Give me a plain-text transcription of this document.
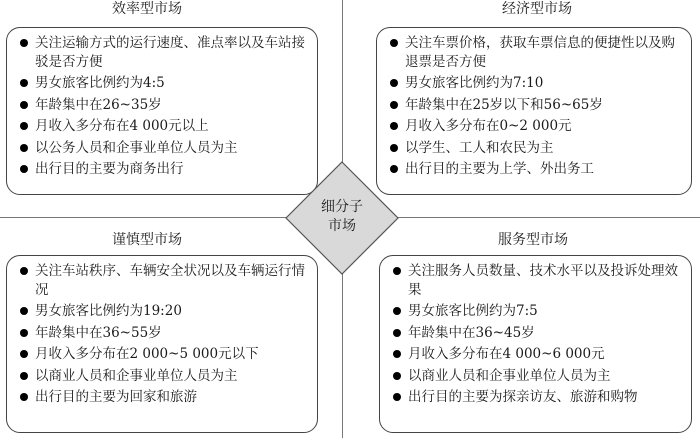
效率型市场
关注运输方式的运行速度、准点率以及车站接驳是否方便
男女旅客比例约为4:5
年龄集中在26~35岁
月收入多分布在4 000元以上
以公务人员和企事业单位人员为主
出行目的主要为商务出行
经济型市场
关注车票价格，获取车票信息的便捷性以及购退票是否方便
男女旅客比例约为7:10
年龄集中在25岁以下和56~65岁
月收入多分布在0~2 000元
以学生、工人和农民为主
出行目的主要为上学、外出务工
谨慎型市场
关注车站秩序、车辆安全状况以及车辆运行情况
男女旅客比例约为19:20
年龄集中在36~55岁
月收入多分布在2 000~5 000元以下
以商业人员和企事业单位人员为主
出行目的主要为回家和旅游
服务型市场
关注服务人员数量、技术水平以及投诉处理效果
男女旅客比例约为7:5
年龄集中在36~45岁
月收入多分布在4 000~6 000元
以商业人员和企事业单位人员为主
出行目的主要为探亲访友、旅游和购物
细分子
市场
